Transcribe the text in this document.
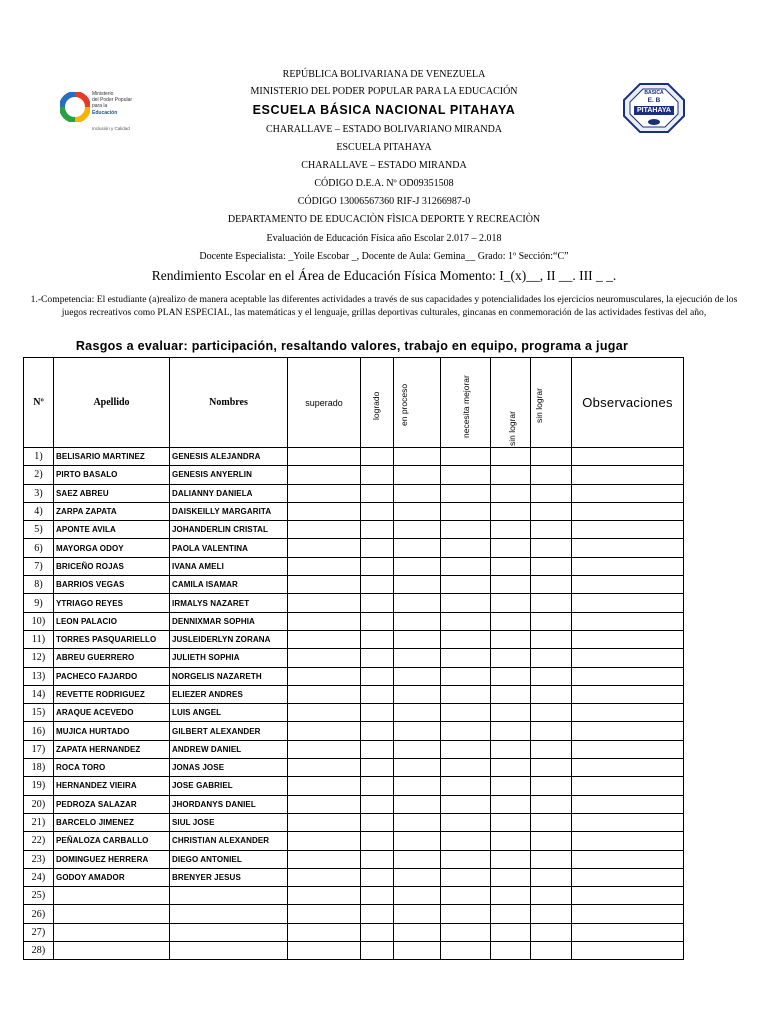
REPÚBLICA BOLIVARIANA DE VENEZUELA
MINISTERIO DEL PODER POPULAR PARA LA EDUCACIÓN
ESCUELA BÁSICA NACIONAL PITAHAYA
CHARALLAVE – ESTADO BOLIVARIANO MIRANDA
ESCUELA PITAHAYA
CHARALLAVE – ESTADO MIRANDA
CÓDIGO D.E.A. Nº OD09351508
CÓDIGO 13006567360 RIF-J 31266987-0
DEPARTAMENTO DE EDUCACIÒN FÌSICA DEPORTE Y RECREACIÒN
Evaluación de Educación Física año Escolar 2.017 – 2.018
Docente Especialista: _Yoile Escobar _, Docente de Aula: Gemina__ Grado: 1º Sección:“C”
Rendimiento Escolar en el Área de Educación Física Momento: I_(x)__, II __. III _ _.
Ministerio
del Poder Popular
para la
Educación
Inclusión y Calidad
BASICA
E. B
PITAHAYA
1.-Competencia: El estudiante (a)realizo de manera aceptable las diferentes actividades a través de sus capacidades y potencialidades los ejercicios neuromusculares, la ejecución de los juegos recreativos como PLAN ESPECIAL, las matemáticas y el lenguaje, grillas deportivas culturales, gincanas en conmemoración de las actividades festivas del año,
Rasgos a evaluar: participación, resaltando valores, trabajo en equipo, programa a jugar
Nº	Apellido	Nombres	superado	logrado	en proceso	necesita mejorar	sin lograr	sin lograr	Observaciones
1)	BELISARIO MARTINEZ	GENESIS ALEJANDRA							
2)	PIRTO BASALO	GENESIS ANYERLIN							
3)	SAEZ ABREU	DALIANNY DANIELA							
4)	ZARPA ZAPATA	DAISKEILLY MARGARITA							
5)	APONTE AVILA	JOHANDERLIN CRISTAL							
6)	MAYORGA ODOY	PAOLA VALENTINA							
7)	BRICEÑO ROJAS	IVANA AMELI							
8)	BARRIOS VEGAS	CAMILA ISAMAR							
9)	YTRIAGO REYES	IRMALYS NAZARET							
10)	LEON PALACIO	DENNIXMAR SOPHIA							
11)	TORRES PASQUARIELLO	JUSLEIDERLYN ZORANA							
12)	ABREU GUERRERO	JULIETH SOPHIA							
13)	PACHECO FAJARDO	NORGELIS NAZARETH							
14)	REVETTE RODRIGUEZ	ELIEZER ANDRES							
15)	ARAQUE ACEVEDO	LUIS ANGEL							
16)	MUJICA HURTADO	GILBERT ALEXANDER							
17)	ZAPATA HERNANDEZ	ANDREW DANIEL							
18)	ROCA TORO	JONAS JOSE							
19)	HERNANDEZ VIEIRA	JOSE GABRIEL							
20)	PEDROZA SALAZAR	JHORDANYS DANIEL							
21)	BARCELO JIMENEZ	SIUL JOSE							
22)	PEÑALOZA CARBALLO	CHRISTIAN ALEXANDER							
23)	DOMINGUEZ HERRERA	DIEGO ANTONIEL							
24)	GODOY AMADOR	BRENYER JESUS							
25)									
26)									
27)									
28)									
